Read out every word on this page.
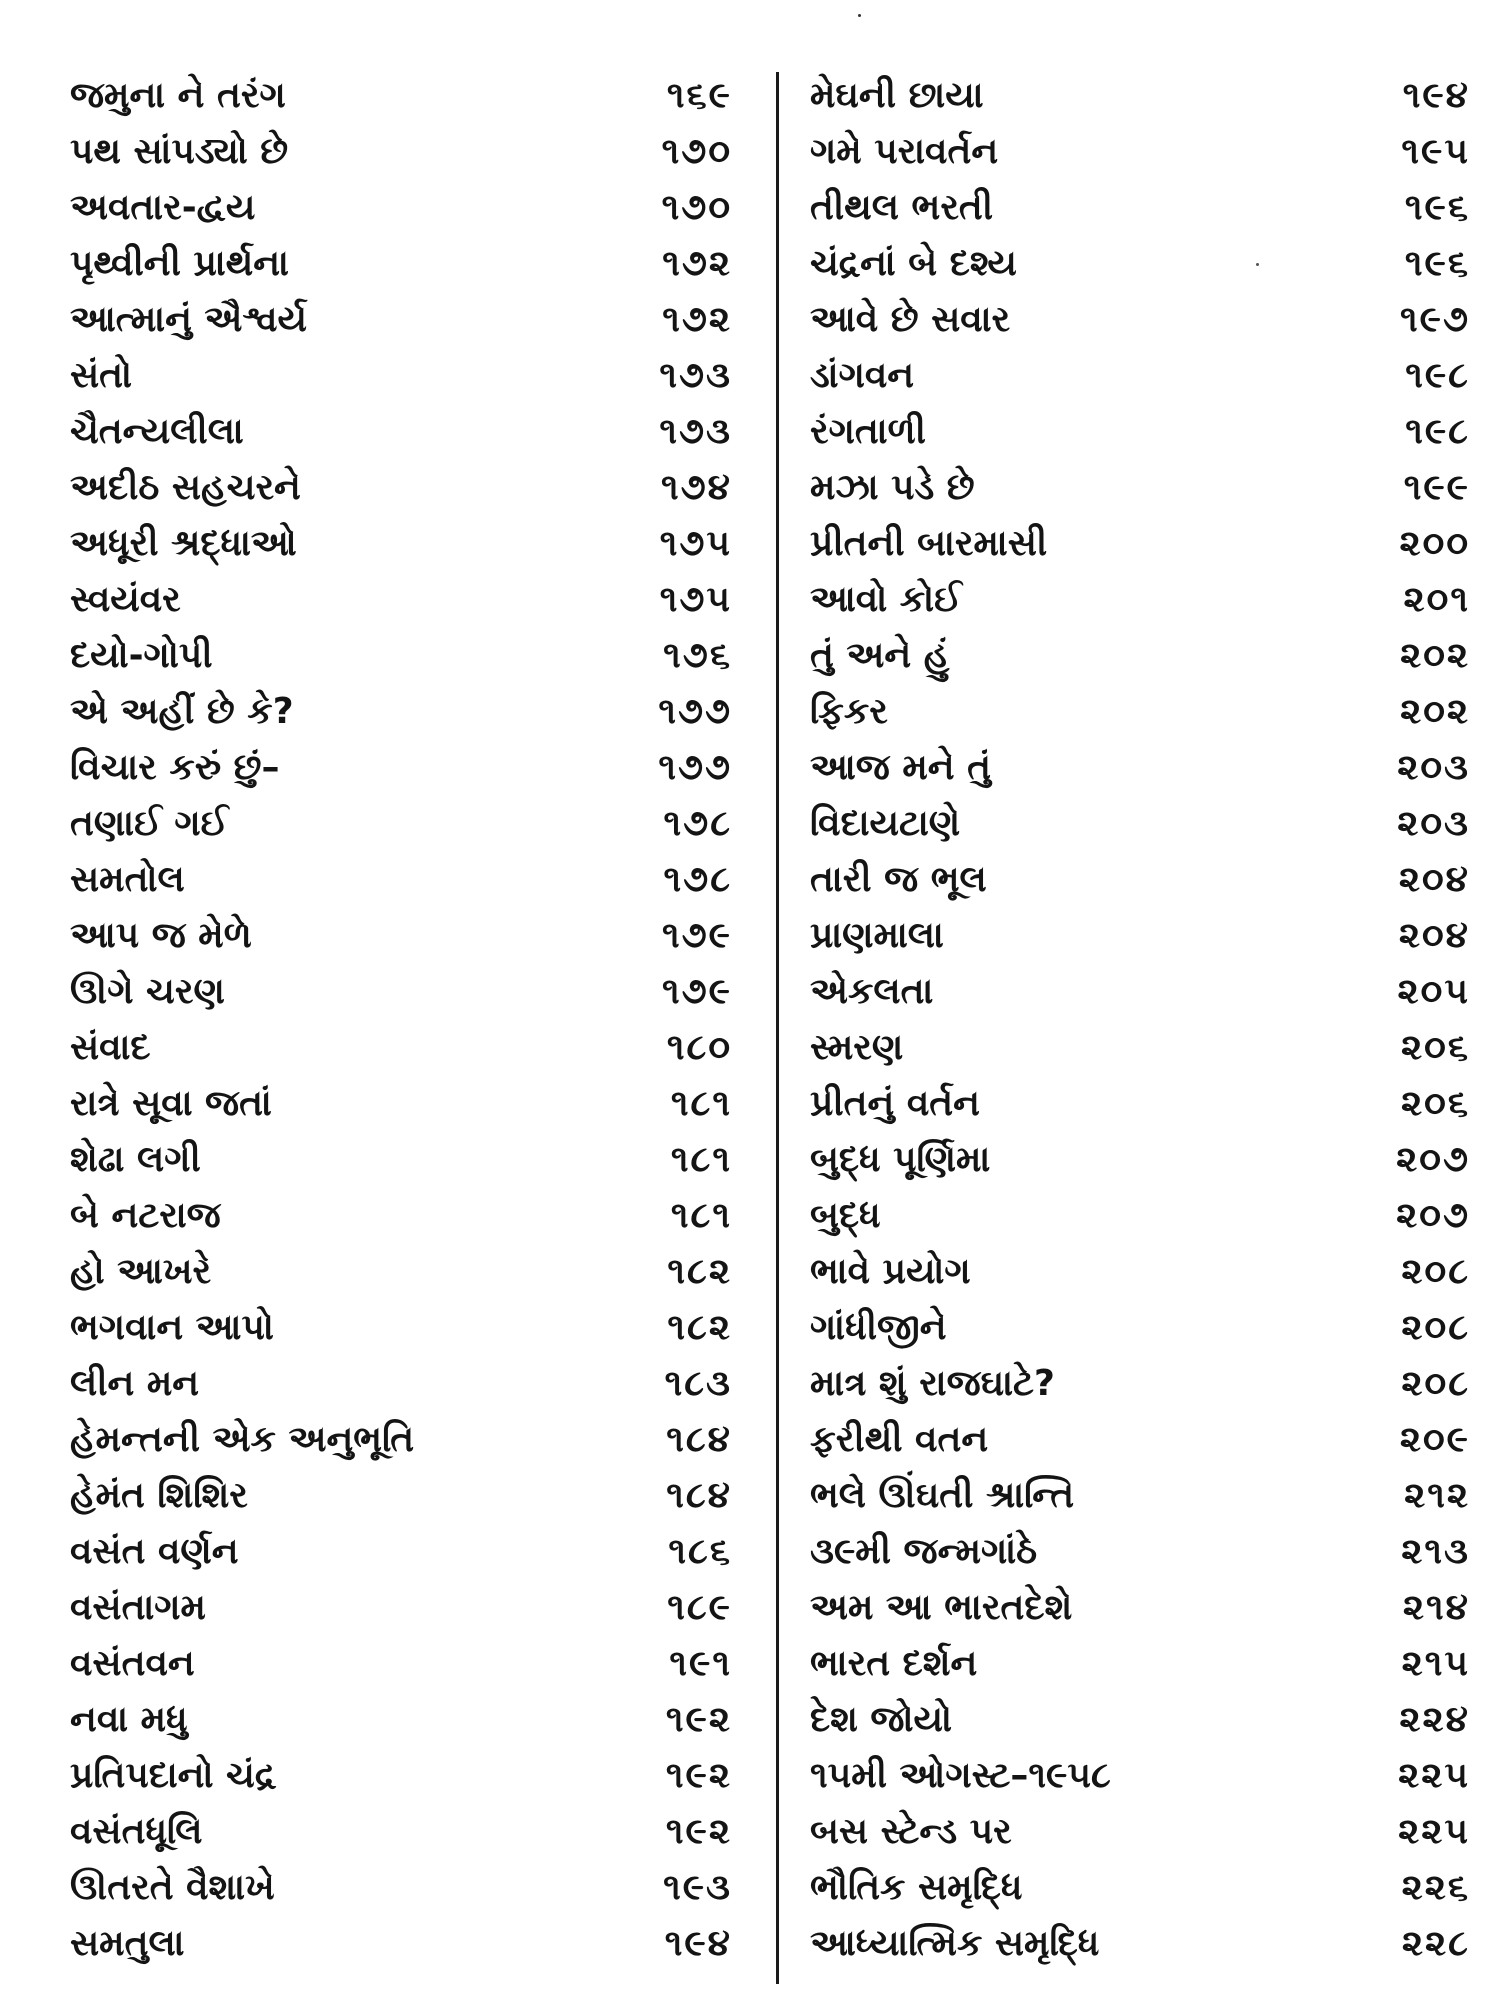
જમુના ને તરંગ	૧૬૯
પથ સાંપડ્યો છે	૧૭૦
અવતાર-દ્વય	૧૭૦
પૃથ્વીની પ્રાર્થના	૧૭૨
આત્માનું ઐશ્વર્ય	૧૭૨
સંતો	૧૭૩
ચૈતન્યલીલા	૧૭૩
અદીઠ સહચરને	૧૭૪
અધૂરી શ્રદ્ધાઓ	૧૭૫
સ્વયંવર	૧૭૫
દયો-ગોપી	૧૭૬
એ અહીં છે કે?	૧૭૭
વિચાર કરું છું–	૧૭૭
તણાઈ ગઈ	૧૭૮
સમતોલ	૧૭૮
આપ જ મેળે	૧૭૯
ઊગે ચરણ	૧૭૯
સંવાદ	૧૮૦
રાત્રે સૂવા જતાં	૧૮૧
શેઢા લગી	૧૮૧
બે નટરાજ	૧૮૧
હો આખરે	૧૮૨
ભગવાન આપો	૧૮૨
લીન મન	૧૮૩
હેમન્તની એક અનુભૂતિ	૧૮૪
હેમંત શિશિર	૧૮૪
વસંત વર્ણન	૧૮૬
વસંતાગમ	૧૮૯
વસંતવન	૧૯૧
નવા મધુ	૧૯૨
પ્રતિપદાનો ચંદ્ર	૧૯૨
વસંતધૂલિ	૧૯૨
ઊતરતે વૈશાખે	૧૯૩
સમતુલા	૧૯૪
મેઘની છાયા	૧૯૪
ગમે પરાવર્તન	૧૯૫
તીથલ ભરતી	૧૯૬
ચંદ્રનાં બે દશ્ય	૧૯૬
આવે છે સવાર	૧૯૭
ડાંગવન	૧૯૮
રંગતાળી	૧૯૮
મઝા પડે છે	૧૯૯
પ્રીતની બારમાસી	૨૦૦
આવો કોઈ	૨૦૧
તું અને હું	૨૦૨
ફિકર	૨૦૨
આજ મને તું	૨૦૩
વિદાયટાણે	૨૦૩
તારી જ ભૂલ	૨૦૪
પ્રાણમાલા	૨૦૪
એકલતા	૨૦૫
સ્મરણ	૨૦૬
પ્રીતનું વર્તન	૨૦૬
બુદ્ધ પૂર્ણિમા	૨૦૭
બુદ્ધ	૨૦૭
ભાવે પ્રયોગ	૨૦૮
ગાંધીજીને	૨૦૮
માત્ર શું રાજઘાટે?	૨૦૮
ફરીથી વતન	૨૦૯
ભલે ઊંઘતી શ્રાન્તિ	૨૧૨
૩૯મી જન્મગાંઠે	૨૧૩
અમ આ ભારતદેશે	૨૧૪
ભારત દર્શન	૨૧૫
દેશ જોયો	૨૨૪
૧૫મી ઓગસ્ટ–૧૯૫૮	૨૨૫
બસ સ્ટેન્ડ પર	૨૨૫
ભૌતિક સમૃદ્ધિ	૨૨૬
આધ્યાત્મિક સમૃદ્ધિ	૨૨૮
